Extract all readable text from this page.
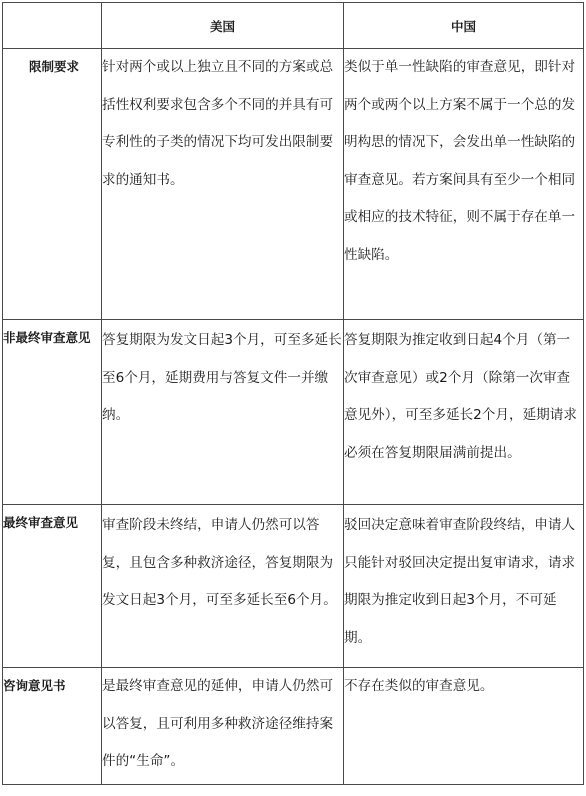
	美国	中国
限制要求	针对两个或以上独立且不同的方案或总括性权利要求包含多个不同的并具有可专利性的子类的情况下均可发出限制要求的通知书。	类似于单一性缺陷的审查意见，即针对两个或两个以上方案不属于一个总的发明构思的情况下，会发出单一性缺陷的审查意见。若方案间具有至少一个相同或相应的技术特征，则不属于存在单一性缺陷。
非最终审查意见	答复期限为发文日起3个月，可至多延长至6个月，延期费用与答复文件一并缴纳。	答复期限为推定收到日起4个月（第一次审查意见）或2个月（除第一次审查意见外），可至多延长2个月，延期请求必须在答复期限届满前提出。
最终审查意见	审查阶段未终结，申请人仍然可以答复，且包含多种救济途径，答复期限为发文日起3个月，可至多延长至6个月。	驳回决定意味着审查阶段终结，申请人只能针对驳回决定提出复审请求，请求期限为推定收到日起3个月，不可延期。
咨询意见书	是最终审查意见的延伸，申请人仍然可以答复，且可利用多种救济途径维持案件的“生命”。	不存在类似的审查意见。
